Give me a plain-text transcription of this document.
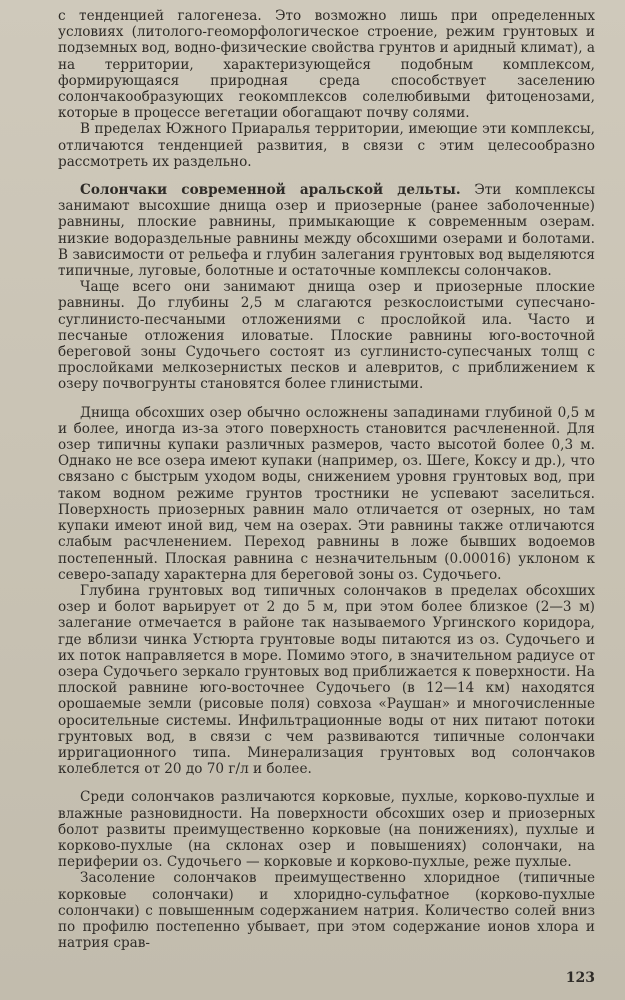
с тенденцией галогенеза. Это возможно лишь при определенных условиях (литолого-геоморфологическое строение, режим грунтовых и подземных вод, водно-физические свойства грунтов и аридный климат), а на территории, характеризующейся подобным комплексом, формирующаяся природная среда способствует заселению солончакообразующих геокомплексов солелюбивыми фитоценозами, которые в процессе вегетации обогащают почву солями.

В пределах Южного Приаралья территории, имеющие эти комплексы, отличаются тенденцией развития, в связи с этим целесообразно рассмотреть их раздельно.

Солончаки современной аральской дельты. Эти комплексы занимают высохшие днища озер и приозерные (ранее заболоченные) равнины, плоские равнины, примыкающие к современным озерам. низкие водораздельные равнины между обсохшими озерами и болотами. В зависимости от рельефа и глубин залегания грунтовых вод выделяются типичные, луговые, болотные и остаточные комплексы солончаков.

Чаще всего они занимают днища озер и приозерные плоские равнины. До глубины 2,5 м слагаются резкослоистыми супесчано-суглинисто-песчаными отложениями с прослойкой ила. Часто и песчаные отложения иловатые. Плоские равнины юго-восточной береговой зоны Судочьего состоят из суглинисто-супесчаных толщ с прослойками мелкозернистых песков и алевритов, с приближением к озеру почвогрунты становятся более глинистыми.

Днища обсохших озер обычно осложнены западинами глубиной 0,5 м и более, иногда из-за этого поверхность становится расчлененной. Для озер типичны купаки различных размеров, часто высотой более 0,3 м. Однако не все озера имеют купаки (например, оз. Шеге, Коксу и др.), что связано с быстрым уходом воды, снижением уровня грунтовых вод, при таком водном режиме грунтов тростники не успевают заселиться. Поверхность приозерных равнин мало отличается от озерных, но там купаки имеют иной вид, чем на озерах. Эти равнины также отличаются слабым расчленением. Переход равнины в ложе бывших водоемов постепенный. Плоская равнина с незначительным (0.00016) уклоном к северо-западу характерна для береговой зоны оз. Судочьего.

Глубина грунтовых вод типичных солончаков в пределах обсохших озер и болот варьирует от 2 до 5 м, при этом более близкое (2—3 м) залегание отмечается в районе так называемого Ургинского коридора, где вблизи чинка Устюрта грунтовые воды питаются из оз. Судочьего и их поток направляется в море. Помимо этого, в значительном радиусе от озера Судочьего зеркало грунтовых вод приближается к поверхности. На плоской равнине юго-восточнее Судочьего (в 12—14 км) находятся орошаемые земли (рисовые поля) совхоза «Раушан» и многочисленные оросительные системы. Инфильтрационные воды от них питают потоки грунтовых вод, в связи с чем развиваются типичные солончаки ирригационного типа. Минерализация грунтовых вод солончаков колеблется от 20 до 70 г/л и более.

Среди солончаков различаются корковые, пухлые, корково-пухлые и влажные разновидности. На поверхности обсохших озер и приозерных болот развиты преимущественно корковые (на понижениях), пухлые и корково-пухлые (на склонах озер и повышениях) солончаки, на периферии оз. Судочьего — корковые и корково-пухлые, реже пухлые.

Засоление солончаков преимущественно хлоридное (типичные корковые солончаки) и хлоридно-сульфатное (корково-пухлые солончаки) с повышенным содержанием натрия. Количество солей вниз по профилю постепенно убывает, при этом содержание ионов хлора и натрия срав-

123
